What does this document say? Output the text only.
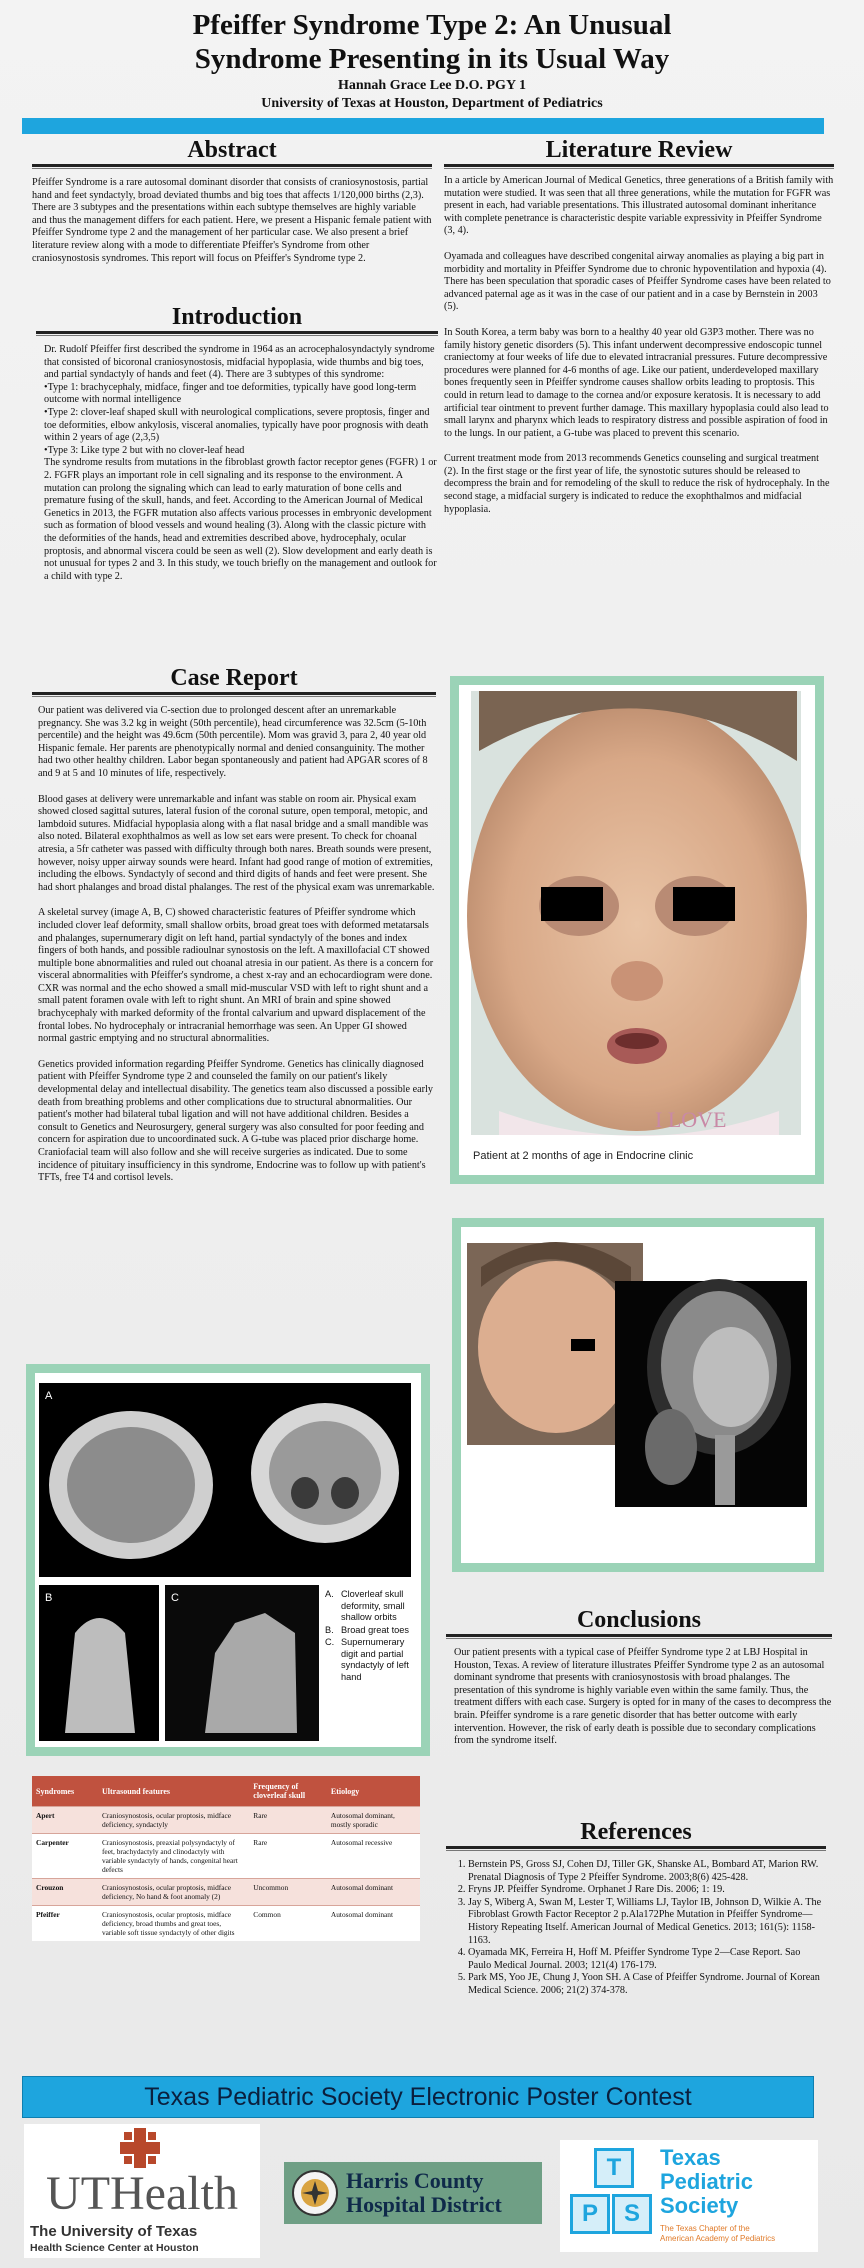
Pfeiffer Syndrome Type 2: An Unusual
Syndrome Presenting in its Usual Way
Hannah Grace Lee D.O. PGY 1
University of Texas at Houston, Department of Pediatrics
Abstract
Pfeiffer Syndrome is a rare autosomal dominant disorder that consists of craniosynostosis, partial hand and feet syndactyly, broad deviated thumbs and big toes that affects 1/120,000 births (2,3). There are 3 subtypes and the presentations within each subtype themselves are highly variable and thus the management differs for each patient. Here, we present a Hispanic female patient with Pfeiffer Syndrome type 2 and the management of her particular case. We also present a brief literature review along with a mode to differentiate Pfeiffer's Syndrome from other craniosynostosis syndromes. This report will focus on Pfeiffer's Syndrome type 2.
Introduction
Dr. Rudolf Pfeiffer first described the syndrome in 1964 as an acrocephalosyndactyly syndrome that consisted of bicoronal craniosynostosis, midfacial hypoplasia, wide thumbs and big toes, and partial syndactyly of hands and feet (4). There are 3 subtypes of this syndrome:
•Type 1: brachycephaly, midface, finger and toe deformities, typically have good long-term outcome with normal intelligence
•Type 2: clover-leaf shaped skull with neurological complications, severe proptosis, finger and toe deformities, elbow ankylosis, visceral anomalies, typically have poor prognosis with death within 2 years of age (2,3,5)
•Type 3: Like type 2 but with no clover-leaf head
The syndrome results from mutations in the fibroblast growth factor receptor genes (FGFR) 1 or 2. FGFR plays an important role in cell signaling and its response to the environment. A mutation can prolong the signaling which can lead to early maturation of bone cells and premature fusing of the skull, hands, and feet. According to the American Journal of Medical Genetics in 2013, the FGFR mutation also affects various processes in embryonic development such as formation of blood vessels and wound healing (3). Along with the classic picture with the deformities of the hands, head and extremities described above, hydrocephaly, ocular proptosis, and abnormal viscera could be seen as well (2). Slow development and early death is not unusual for types 2 and 3. In this study, we touch briefly on the management and outlook for a child with type 2.
Literature Review

In a article by American Journal of Medical Genetics, three generations of a British family with mutation were studied. It was seen that all three generations, while the mutation for FGFR was present in each, had variable presentations. This illustrated autosomal dominant inheritance with complete penetrance is characteristic despite variable expressivity in Pfeiffer Syndrome (3, 4).

Oyamada and colleagues have described congenital airway anomalies as playing a big part in morbidity and mortality in Pfeiffer Syndrome due to chronic hypoventilation and hypoxia (4). There has been speculation that sporadic cases of Pfeiffer Syndrome cases have been related to advanced paternal age as it was in the case of our patient and in a case by Bernstein in 2003 (5).

In South Korea, a term baby was born to a healthy 40 year old G3P3 mother. There was no family history genetic disorders (5). This infant underwent decompressive endoscopic tunnel craniectomy at four weeks of life due to elevated intracranial pressures. Future decompressive procedures were planned for 4-6 months of age. Like our patient, underdeveloped maxillary bones frequently seen in Pfeiffer syndrome causes shallow orbits leading to proptosis. This could in return lead to damage to the cornea and/or exposure keratosis. It is necessary to add artificial tear ointment to prevent further damage. This maxillary hypoplasia could also lead to small larynx and pharynx which leads to respiratory distress and possible aspiration of food in to the lungs. In our patient, a G-tube was placed to prevent this scenario.

Current treatment mode from 2013 recommends Genetics counseling and surgical treatment (2). In the first stage or the first year of life, the synostotic sutures should be released to decompress the brain and for remodeling of the skull to reduce the risk of hydrocephaly. In the second stage, a midfacial surgery is indicated to reduce the exophthalmos and midfacial hypoplasia.

Case Report

Our patient was delivered via C-section due to prolonged descent after an unremarkable pregnancy. She was 3.2 kg in weight (50th percentile), head circumference was 32.5cm (5-10th percentile) and the height was 49.6cm (50th percentile). Mom was gravid 3, para 2, 40 year old Hispanic female. Her parents are phenotypically normal and denied consanguinity. The mother had two other healthy children. Labor began spontaneously and patient had APGAR scores of 8 and 9 at 5 and 10 minutes of life, respectively.

Blood gases at delivery were unremarkable and infant was stable on room air. Physical exam showed closed sagittal sutures, lateral fusion of the coronal suture, open temporal, metopic, and lambdoid sutures. Midfacial hypoplasia along with a flat nasal bridge and a small mandible was also noted. Bilateral exophthalmos as well as low set ears were present. To check for choanal atresia, a 5fr catheter was passed with difficulty through both nares. Breath sounds were present, however, noisy upper airway sounds were heard. Infant had good range of motion of extremities, including the elbows. Syndactyly of second and third digits of hands and feet were present. She had short phalanges and broad distal phalanges. The rest of the physical exam was unremarkable.

A skeletal survey (image A, B, C) showed characteristic features of Pfeiffer syndrome which included clover leaf deformity, small shallow orbits, broad great toes with deformed metatarsals and phalanges, supernumerary digit on left hand, partial syndactyly of the bones and index fingers of both hands, and possible radioulnar synostosis on the left. A maxillofacial CT showed multiple bone abnormalities and ruled out choanal atresia in our patient. As there is a concern for visceral abnormalities with Pfeiffer's syndrome, a chest x-ray and an echocardiogram were done. CXR was normal and the echo showed a small mid-muscular VSD with left to right shunt and a small patent foramen ovale with left to right shunt. An MRI of brain and spine showed brachycephaly with marked deformity of the frontal calvarium and upward displacement of the frontal lobes. No hydrocephaly or intracranial hemorrhage was seen. An Upper GI showed normal gastric emptying and no structural abnormalities.

Genetics provided information regarding Pfeiffer Syndrome. Genetics has clinically diagnosed patient with Pfeiffer Syndrome type 2 and counseled the family on our patient's likely developmental delay and intellectual disability. The genetics team also discussed a possible early death from breathing problems and other complications due to structural abnormalities. Our patient's mother had bilateral tubal ligation and will not have additional children. Besides a consult to Genetics and Neurosurgery, general surgery was also consulted for poor feeding and concern for aspiration due to uncoordinated suck. A G-tube was placed prior discharge home. Craniofacial team will also follow and she will receive surgeries as indicated. Due to some incidence of pituitary insufficiency in this syndrome, Endocrine was to follow up with patient's TFTs, free T4 and cortisol levels.

I LOVE
Patient at 2 months of age in Endocrine clinic
A
B	C	A. Cloverleaf skull deformity, small shallow orbits
B. Broad great toes
C. Supernumerary digit and partial syndactyly of left hand
Syndromes	Ultrasound features	Frequency of cloverleaf skull	Etiology
Apert	Craniosynostosis, ocular proptosis, midface deficiency, syndactyly	Rare	Autosomal dominant, mostly sporadic
Carpenter	Craniosynostosis, preaxial polysyndactyly of feet, brachydactyly and clinodactyly with variable syndactyly of hands, congenital heart defects	Rare	Autosomal recessive
Crouzon	Craniosynostosis, ocular proptosis, midface deficiency, No hand & foot anomaly (2)	Uncommon	Autosomal dominant
Pfeiffer	Craniosynostosis, ocular proptosis, midface deficiency, broad thumbs and great toes, variable soft tissue syndactyly of other digits	Common	Autosomal dominant
Conclusions
Our patient presents with a typical case of Pfeiffer Syndrome type 2 at LBJ Hospital in Houston, Texas. A review of literature illustrates Pfeiffer Syndrome type 2 as an autosomal dominant syndrome that presents with craniosynostosis with broad phalanges. The presentation of this syndrome is highly variable even within the same family. Thus, the treatment differs with each case. Surgery is opted for in many of the cases to decompress the brain. Pfeiffer syndrome is a rare genetic disorder that has better outcome with early intervention. However, the risk of early death is possible due to secondary complications from the syndrome itself.
References
1. Bernstein PS, Gross SJ, Cohen DJ, Tiller GK, Shanske AL, Bombard AT, Marion RW. Prenatal Diagnosis of Type 2 Pfeiffer Syndrome. 2003;8(6) 425-428.
2. Fryns JP. Pfeiffer Syndrome. Orphanet J Rare Dis. 2006; 1: 19.
3. Jay S, Wiberg A, Swan M, Lester T, Williams LJ, Taylor IB, Johnson D, Wilkie A. The Fibroblast Growth Factor Receptor 2 p.Ala172Phe Mutation in Pfeiffer Syndrome—History Repeating Itself. American Journal of Medical Genetics. 2013; 161(5): 1158-1163.
4. Oyamada MK, Ferreira H, Hoff M. Pfeiffer Syndrome Type 2—Case Report. Sao Paulo Medical Journal. 2003; 121(4) 176-179.
5. Park MS, Yoo JE, Chung J, Yoon SH. A Case of Pfeiffer Syndrome. Journal of Korean Medical Science. 2006; 21(2) 374-378.
Texas Pediatric Society Electronic Poster Contest
UTHealth
The University of Texas
Health Science Center at Houston
Harris County
Hospital District
T
P	S
Texas
Pediatric
Society
The Texas Chapter of the
American Academy of Pediatrics
